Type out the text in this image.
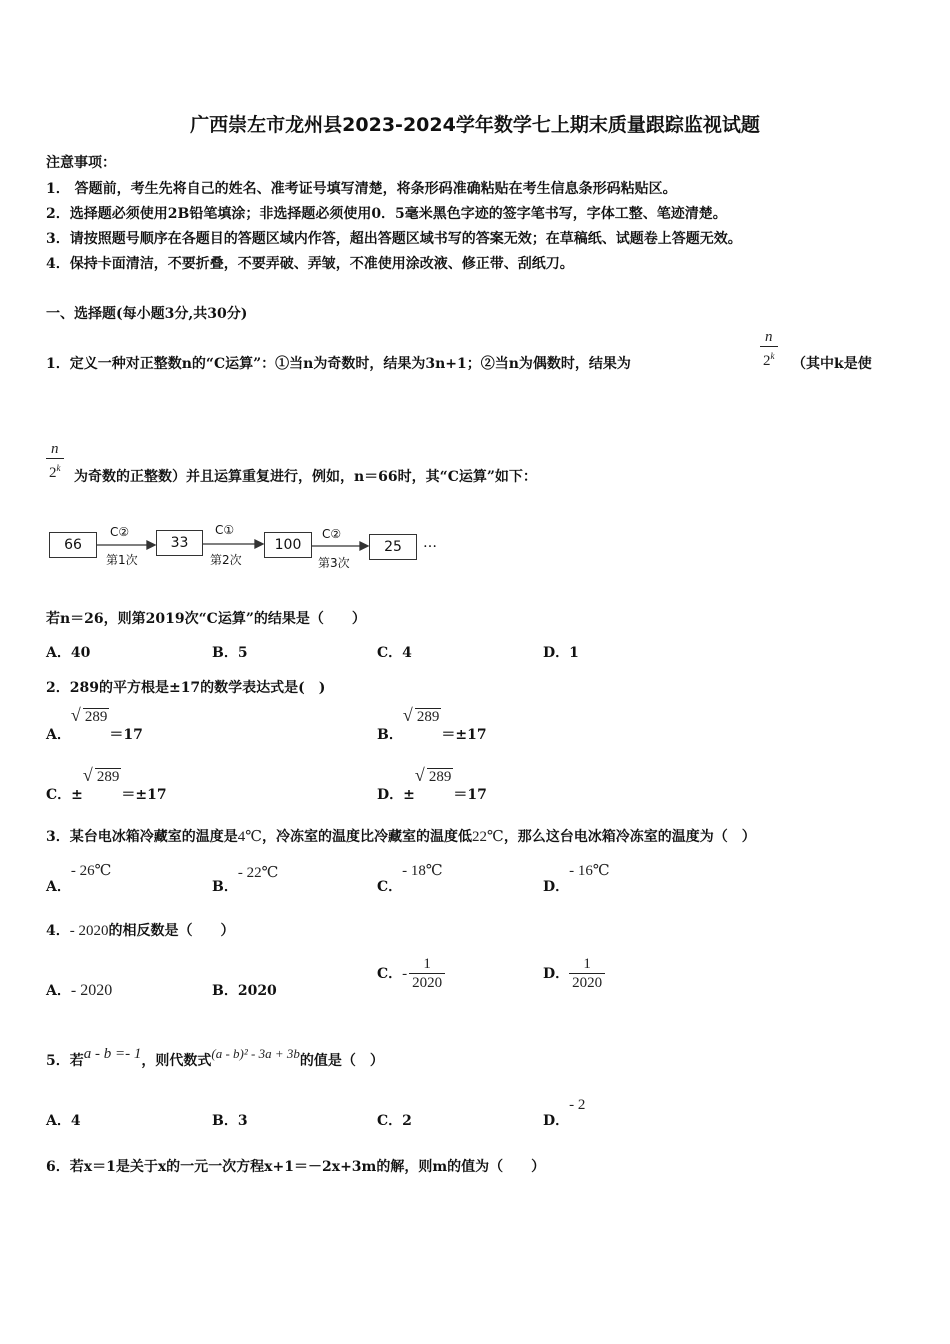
广西崇左市龙州县2023-2024学年数学七上期末质量跟踪监视试题
注意事项：
1． 答题前，考生先将自己的姓名、准考证号填写清楚，将条形码准确粘贴在考生信息条形码粘贴区。
2．选择题必须使用2B铅笔填涂；非选择题必须使用0．5毫米黑色字迹的签字笔书写，字体工整、笔迹清楚。
3．请按照题号顺序在各题目的答题区域内作答，超出答题区域书写的答案无效；在草稿纸、试题卷上答题无效。
4．保持卡面清洁，不要折叠，不要弄破、弄皱，不准使用涂改液、修正带、刮纸刀。
一、选择题(每小题3分,共30分)
1．定义一种对正整数n的“C运算”：①当n为奇数时，结果为3n+1；②当n为偶数时，结果为	$\frac{n}{2^k}$ （其中k是使
$\frac{n}{2^k}$ 为奇数的正整数）并且运算重复进行，例如，n＝66时，其“C运算”如下：
66	33	100	25
C②	C①	C②
第1次	第2次	第3次
…
若n＝26，则第2019次“C运算”的结果是（　　）
A．40	B．5	C．4	D．1
2．289的平方根是±17的数学表达式是(　)
A．
√ 289＝17	B．
√ 289＝±17
C．±
√ 289＝±17	D．±
√ 289＝17
3．某台电冰箱冷藏室的温度是4℃，冷冻室的温度比冷藏室的温度低22℃，那么这台电冰箱冷冻室的温度为（　）
A．- 26℃
B．- 22℃
C．- 18℃
D．- 16℃
4．- 2020的相反数是（　　）
A．- 2020	B．2020
C．- $\frac{1}{2020}$	D． $\frac{1}{2020}$
5．若a - b =- 1，则代数式(a - b)² - 3a + 3b的值是（　）
A．4	B．3	C．2	D．- 2
6．若x＝1是关于x的一元一次方程x+1＝－2x+3m的解，则m的值为（　　）
